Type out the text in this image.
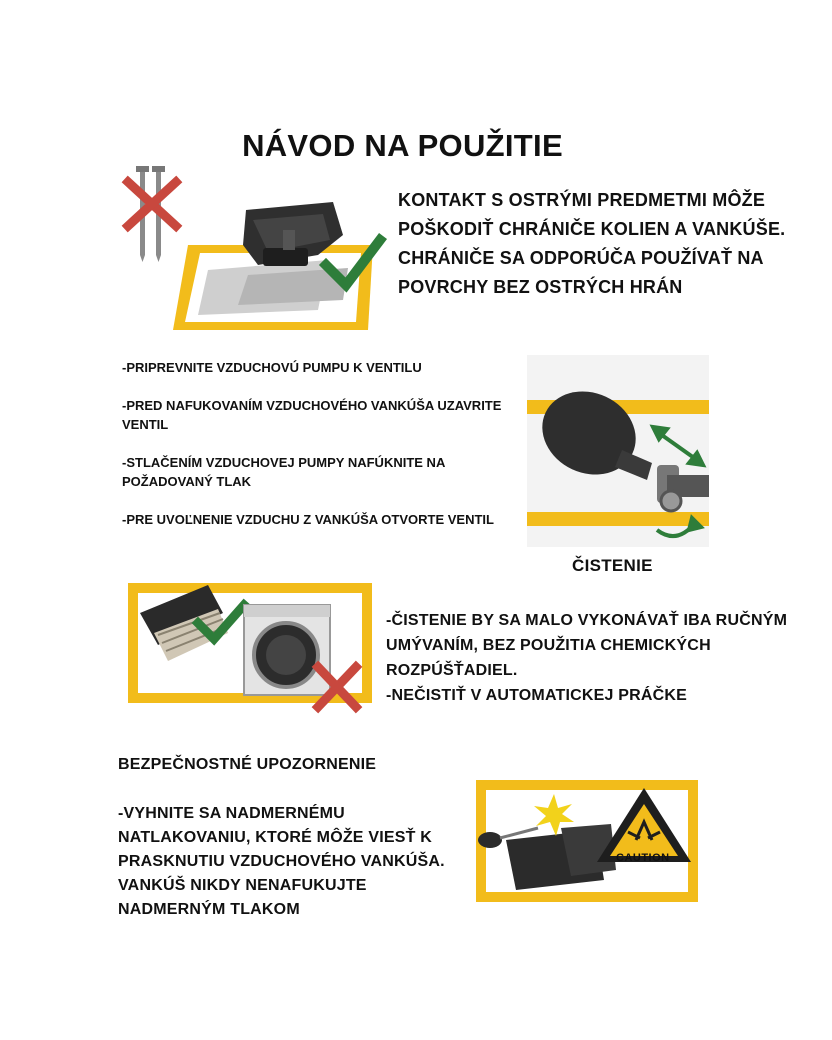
NÁVOD NA POUŽITIE
KONTAKT S OSTRÝMI PREDMETMI MÔŽE POŠKODIŤ CHRÁNIČE KOLIEN A VANKÚŠE. CHRÁNIČE SA ODPORÚČA POUŽÍVAŤ NA POVRCHY BEZ OSTRÝCH HRÁN

-PRIPREVNITE VZDUCHOVÚ PUMPU K VENTILU

-PRED NAFUKOVANÍM VZDUCHOVÉHO VANKÚŠA UZAVRITE VENTIL

-STLAČENÍM VZDUCHOVEJ PUMPY NAFÚKNITE NA POŽADOVANÝ TLAK

-PRE UVOĽNENIE VZDUCHU Z VANKÚŠA OTVORTE VENTIL

ČISTENIE
-ČISTENIE BY SA MALO VYKONÁVAŤ IBA RUČNÝM UMÝVANÍM, BEZ POUŽITIA CHEMICKÝCH ROZPÚŠŤADIEL.
-NEČISTIŤ V AUTOMATICKEJ PRÁČKE
BEZPEČNOSTNÉ UPOZORNENIE
-VYHNITE SA NADMERNÉMU NATLAKOVANIU, KTORÉ MÔŽE VIESŤ K PRASKNUTIU VZDUCHOVÉHO VANKÚŠA. VANKÚŠ NIKDY NENAFUKUJTE NADMERNÝM TLAKOM
CAUTION
